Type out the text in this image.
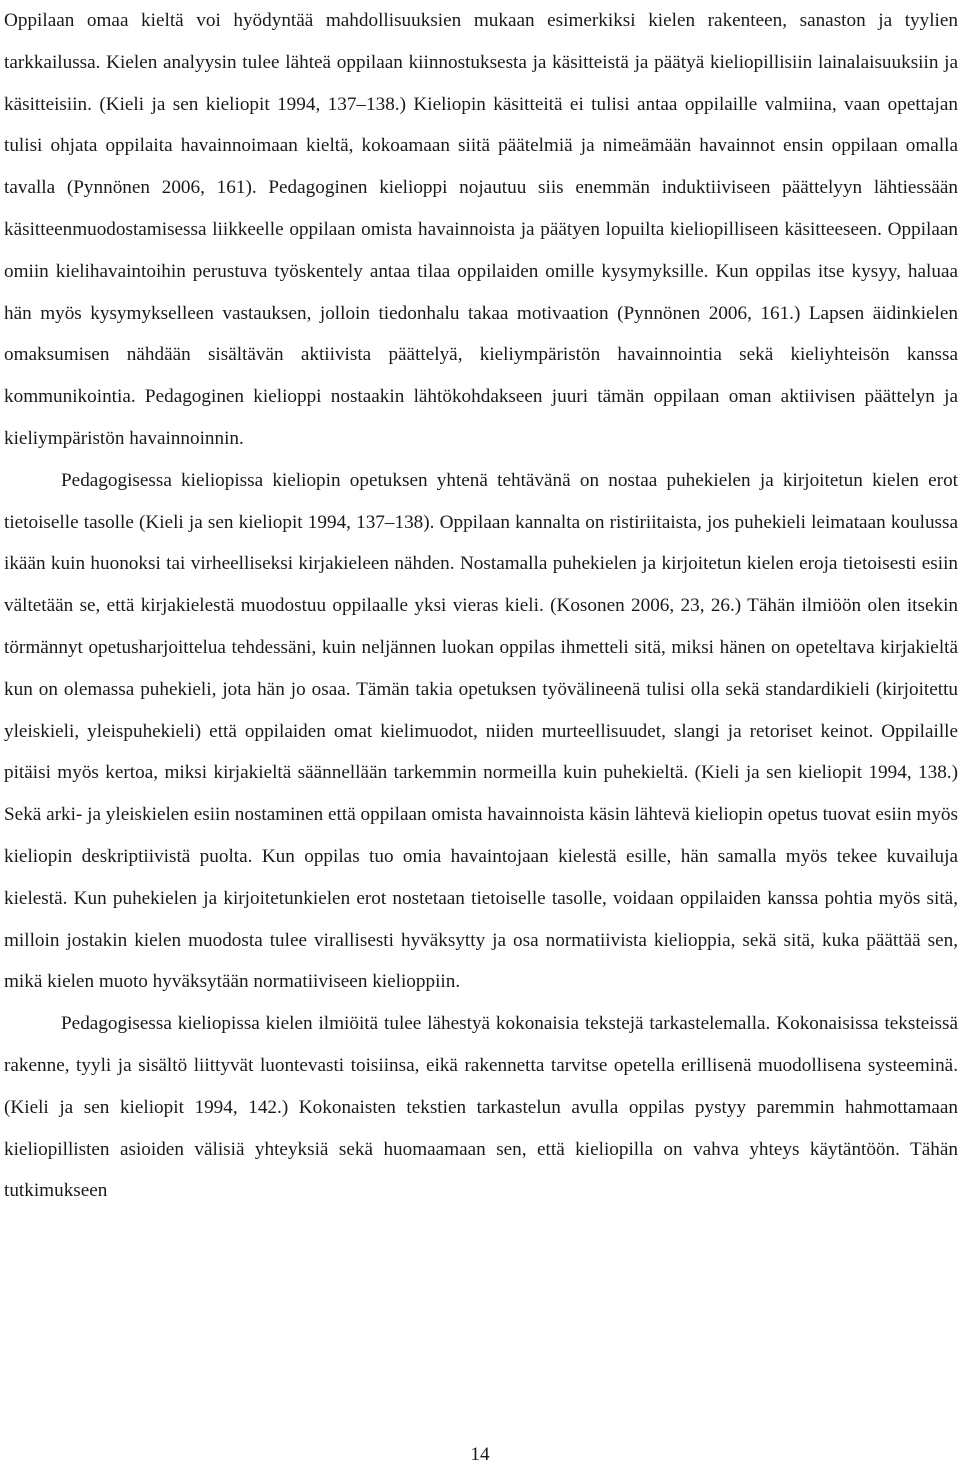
Oppilaan omaa kieltä voi hyödyntää mahdollisuuksien mukaan esimerkiksi kielen rakenteen, sanaston ja tyylien tarkkailussa. Kielen analyysin tulee lähteä oppilaan kiinnostuksesta ja käsitteistä ja päätyä kieliopillisiin lainalaisuuksiin ja käsitteisiin. (Kieli ja sen kieliopit 1994, 137–138.) Kieliopin käsitteitä ei tulisi antaa oppilaille valmiina, vaan opettajan tulisi ohjata oppilaita havainnoimaan kieltä, kokoamaan siitä päätelmiä ja nimeämään havainnot ensin oppilaan omalla tavalla (Pynnönen 2006, 161). Pedagoginen kielioppi nojautuu siis enemmän induktiiviseen päättelyyn lähtiessään käsitteenmuodostamisessa liikkeelle oppilaan omista havainnoista ja päätyen lopuilta kieliopilliseen käsitteeseen. Oppilaan omiin kielihavaintoihin perustuva työskentely antaa tilaa oppilaiden omille kysymyksille. Kun oppilas itse kysyy, haluaa hän myös kysymykselleen vastauksen, jolloin tiedonhalu takaa motivaation (Pynnönen 2006, 161.) Lapsen äidinkielen omaksumisen nähdään sisältävän aktiivista päättelyä, kieliympäristön havainnointia sekä kieliyhteisön kanssa kommunikointia. Pedagoginen kielioppi nostaakin lähtökohdakseen juuri tämän oppilaan oman aktiivisen päättelyn ja kieliympäristön havainnoinnin.

Pedagogisessa kieliopissa kieliopin opetuksen yhtenä tehtävänä on nostaa puhekielen ja kirjoitetun kielen erot tietoiselle tasolle (Kieli ja sen kieliopit 1994, 137–138). Oppilaan kannalta on ristiriitaista, jos puhekieli leimataan koulussa ikään kuin huonoksi tai virheelliseksi kirjakieleen nähden. Nostamalla puhekielen ja kirjoitetun kielen eroja tietoisesti esiin vältetään se, että kirjakielestä muodostuu oppilaalle yksi vieras kieli. (Kosonen 2006, 23, 26.) Tähän ilmiöön olen itsekin törmännyt opetusharjoittelua tehdessäni, kuin neljännen luokan oppilas ihmetteli sitä, miksi hänen on opeteltava kirjakieltä kun on olemassa puhekieli, jota hän jo osaa. Tämän takia opetuksen työvälineenä tulisi olla sekä standardikieli (kirjoitettu yleiskieli, yleispuhekieli) että oppilaiden omat kielimuodot, niiden murteellisuudet, slangi ja retoriset keinot. Oppilaille pitäisi myös kertoa, miksi kirjakieltä säännellään tarkemmin normeilla kuin puhekieltä. (Kieli ja sen kieliopit 1994, 138.) Sekä arki- ja yleiskielen esiin nostaminen että oppilaan omista havainnoista käsin lähtevä kieliopin opetus tuovat esiin myös kieliopin deskriptiivistä puolta. Kun oppilas tuo omia havaintojaan kielestä esille, hän samalla myös tekee kuvailuja kielestä. Kun puhekielen ja kirjoitetunkielen erot nostetaan tietoiselle tasolle, voidaan oppilaiden kanssa pohtia myös sitä, milloin jostakin kielen muodosta tulee virallisesti hyväksytty ja osa normatiivista kielioppia, sekä sitä, kuka päättää sen, mikä kielen muoto hyväksytään normatiiviseen kielioppiin.

Pedagogisessa kieliopissa kielen ilmiöitä tulee lähestyä kokonaisia tekstejä tarkastelemalla. Kokonaisissa teksteissä rakenne, tyyli ja sisältö liittyvät luontevasti toisiinsa, eikä rakennetta tarvitse opetella erillisenä muodollisena systeeminä. (Kieli ja sen kieliopit 1994, 142.) Kokonaisten tekstien tarkastelun avulla oppilas pystyy paremmin hahmottamaan kieliopillisten asioiden välisiä yhteyksiä sekä huomaamaan sen, että kieliopilla on vahva yhteys käytäntöön. Tähän tutkimukseen

14
